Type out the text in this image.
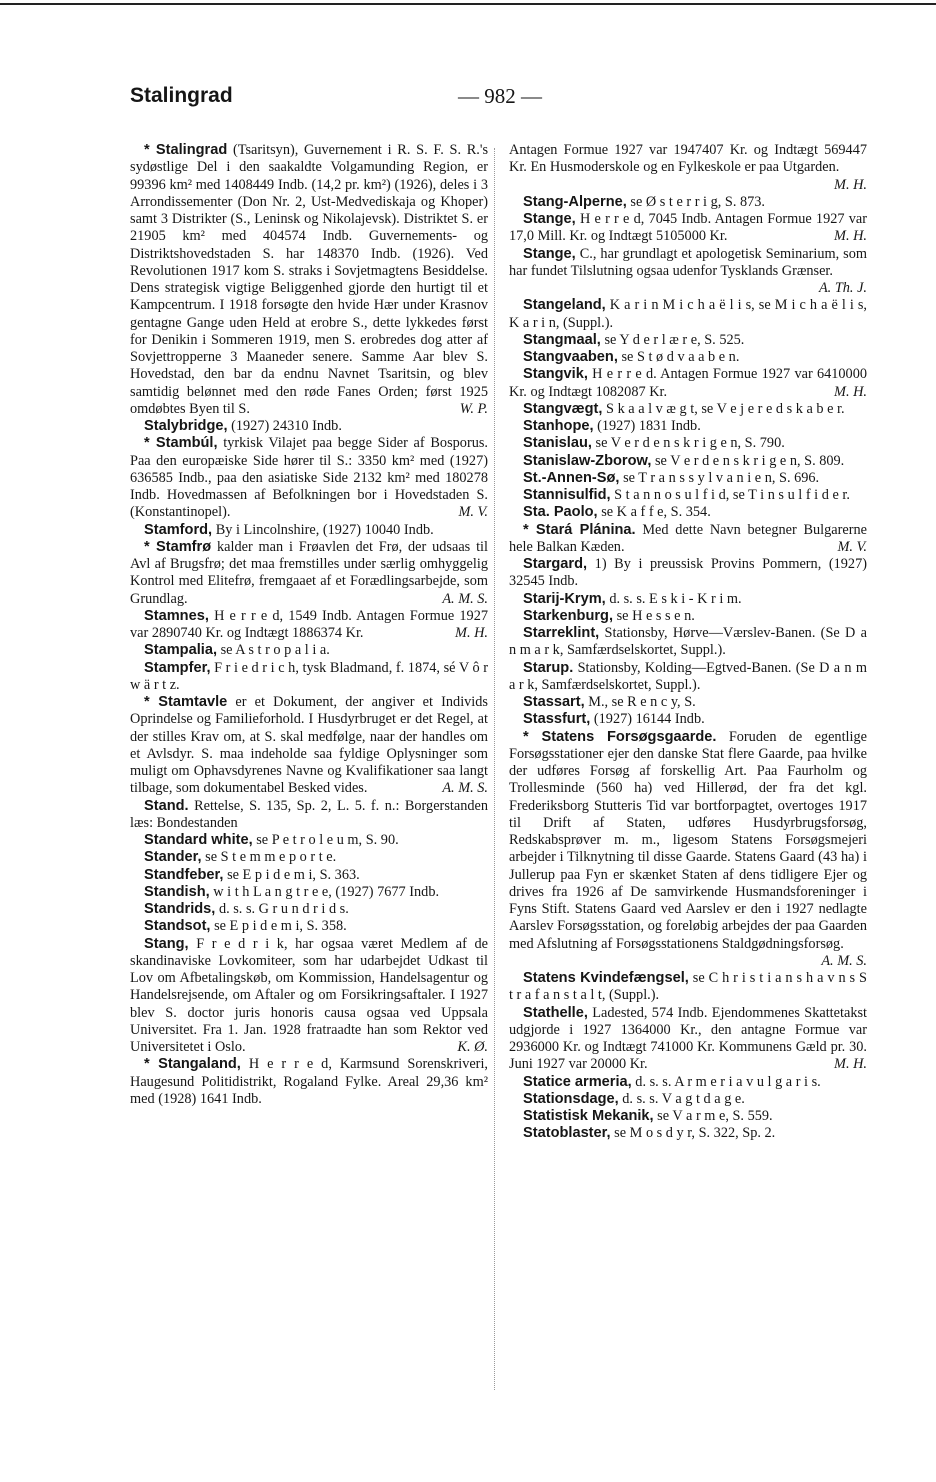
Stalingrad	— 982 —

* Stalingrad (Tsaritsyn), Guvernement i R. S. F. S. R.'s sydøstlige Del i den saakaldte Volgamunding Region, er 99396 km² med 1408449 Indb. (14,2 pr. km²) (1926), deles i 3 Arrondissementer (Don Nr. 2, Ust-Medvediskaja og Khoper) samt 3 Distrikter (S., Leninsk og Nikolajevsk). Distriktet S. er 21905 km² med 404574 Indb. Guvernements- og Distriktshovedstaden S. har 148370 Indb. (1926). Ved Revolutionen 1917 kom S. straks i Sovjetmagtens Besiddelse. Dens strategisk vigtige Beliggenhed gjorde den hurtigt til et Kampcentrum. I 1918 forsøgte den hvide Hær under Krasnov gentagne Gange uden Held at erobre S., dette lykkedes først for Denikin i Sommeren 1919, men S. erobredes dog atter af Sovjettropperne 3 Maaneder senere. Samme Aar blev S. Hovedstad, den bar da endnu Navnet Tsaritsin, og blev samtidig belønnet med den røde Fanes Orden; først 1925 omdøbtes Byen til S.	W. P.

Stalybridge, (1927) 24310 Indb.

* Stambúl, tyrkisk Vilajet paa begge Sider af Bosporus. Paa den europæiske Side hører til S.: 3350 km² med (1927) 636585 Indb., paa den asiatiske Side 2132 km² med 180278 Indb. Hovedmassen af Befolkningen bor i Hovedstaden S. (Konstantinopel).	M. V.

Stamford, By i Lincolnshire, (1927) 10040 Indb.

* Stamfrø kalder man i Frøavlen det Frø, der udsaas til Avl af Brugsfrø; det maa fremstilles under særlig omhyggelig Kontrol med Elitefrø, fremgaaet af et Forædlingsarbejde, som Grundlag.	A. M. S.

Stamnes, H e r r e d, 1549 Indb. Antagen Formue 1927 var 2890740 Kr. og Indtægt 1886374 Kr.	M. H.

Stampalia, se A s t r o p a l i a.

Stampfer, F r i e d r i c h, tysk Bladmand, f. 1874, sé V ô r w ä r t z.

* Stamtavle er et Dokument, der angiver et Individs Oprindelse og Familieforhold. I Husdyrbruget er det Regel, at der stilles Krav om, at S. skal medfølge, naar der handles om et Avlsdyr. S. maa indeholde saa fyldige Oplysninger som muligt om Ophavsdyrenes Navne og Kvalifikationer saa langt tilbage, som dokumentabel Besked vides.	A. M. S.

Stand. Rettelse, S. 135, Sp. 2, L. 5. f. n.: Borgerstanden læs: Bondestanden

Standard white, se P e t r o l e u m, S. 90.

Stander, se S t e m m e p o r t e.

Standfeber, se E p i d e m i, S. 363.

Standish, w i t h L a n g t r e e, (1927) 7677 Indb.

Standrids, d. s. s. G r u n d r i d s.

Standsot, se E p i d e m i, S. 358.

Stang, F r e d r i k, har ogsaa været Medlem af de skandinaviske Lovkomiteer, som har udarbejdet Udkast til Lov om Afbetalingskøb, om Kommission, Handelsagentur og Handelsrejsende, om Aftaler og om Forsikringsaftaler. I 1927 blev S. doctor juris honoris causa ogsaa ved Uppsala Universitet. Fra 1. Jan. 1928 fratraadte han som Rektor ved Universitetet i Oslo.	K. Ø.

* Stangaland, H e r r e d, Karmsund Sorenskriveri, Haugesund Politidistrikt, Rogaland Fylke. Areal 29,36 km² med (1928) 1641 Indb.

Antagen Formue 1927 var 1947407 Kr. og Indtægt 569447 Kr. En Husmoderskole og en Fylkeskole er paa Utgarden.
M. H.

Stang-Alperne, se Ø s t e r r i g, S. 873.

Stange, H e r r e d, 7045 Indb. Antagen Formue 1927 var 17,0 Mill. Kr. og Indtægt 5105000 Kr.	M. H.

Stange, C., har grundlagt et apologetisk Seminarium, som har fundet Tilslutning ogsaa udenfor Tysklands Grænser.
A. Th. J.

Stangeland, K a r i n M i c h a ë l i s, se M i c h a ë l i s, K a r i n, (Suppl.).

Stangmaal, se Y d e r l æ r e, S. 525.

Stangvaaben, se S t ø d v a a b e n.

Stangvik, H e r r e d. Antagen Formue 1927 var 6410000 Kr. og Indtægt 1082087 Kr.	M. H.

Stangvægt, S k a a l v æ g t, se V e j e r e d s k a b e r.

Stanhope, (1927) 1831 Indb.

Stanislau, se V e r d e n s k r i g e n, S. 790.

Stanislaw-Zborow, se V e r d e n s k r i g e n, S. 809.

St.-Annen-Sø, se T r a n s s y l v a n i e n, S. 696.

Stannisulfid, S t a n n o s u l f i d, se T i n s u l f i d e r.

Sta. Paolo, se K a f f e, S. 354.

* Stará Plánina. Med dette Navn betegner Bulgarerne hele Balkan Kæden.	M. V.

Stargard, 1) By i preussisk Provins Pommern, (1927) 32545 Indb.

Starij-Krym, d. s. s. E s k i - K r i m.

Starkenburg, se H e s s e n.

Starreklint, Stationsby, Hørve—Værslev-Banen. (Se D a n m a r k, Samfærdselskortet, Suppl.).

Starup. Stationsby, Kolding—Egtved-Banen. (Se D a n m a r k, Samfærdselskortet, Suppl.).

Stassart, M., se R e n c y, S.

Stassfurt, (1927) 16144 Indb.

* Statens Forsøgsgaarde. Foruden de egentlige Forsøgsstationer ejer den danske Stat flere Gaarde, paa hvilke der udføres Forsøg af forskellig Art. Paa Faurholm og Trollesminde (560 ha) ved Hillerød, der fra det kgl. Frederiksborg Stutteris Tid var bortforpagtet, overtoges 1917 til Drift af Staten, udføres Husdyrbrugsforsøg, Redskabsprøver m. m., ligesom Statens Forsøgsmejeri arbejder i Tilknytning til disse Gaarde. Statens Gaard (43 ha) i Jullerup paa Fyn er skænket Staten af dens tidligere Ejer og drives fra 1926 af De samvirkende Husmandsforeninger i Fyns Stift. Statens Gaard ved Aarslev er den i 1927 nedlagte Aarslev Forsøgsstation, og foreløbig arbejdes der paa Gaarden med Afslutning af Forsøgsstationens Staldgødningsforsøg.
A. M. S.

Statens Kvindefængsel, se C h r i s t i a n s h a v n s S t r a f a n s t a l t, (Suppl.).

Stathelle, Ladested, 574 Indb. Ejendommenes Skattetakst udgjorde i 1927 1364000 Kr., den antagne Formue var 2936000 Kr. og Indtægt 741000 Kr. Kommunens Gæld pr. 30. Juni 1927 var 20000 Kr.	M. H.

Statice armeria, d. s. s. A r m e r i a v u l g a r i s.

Stationsdage, d. s. s. V a g t d a g e.

Statistisk Mekanik, se V a r m e, S. 559.

Statoblaster, se M o s d y r, S. 322, Sp. 2.
